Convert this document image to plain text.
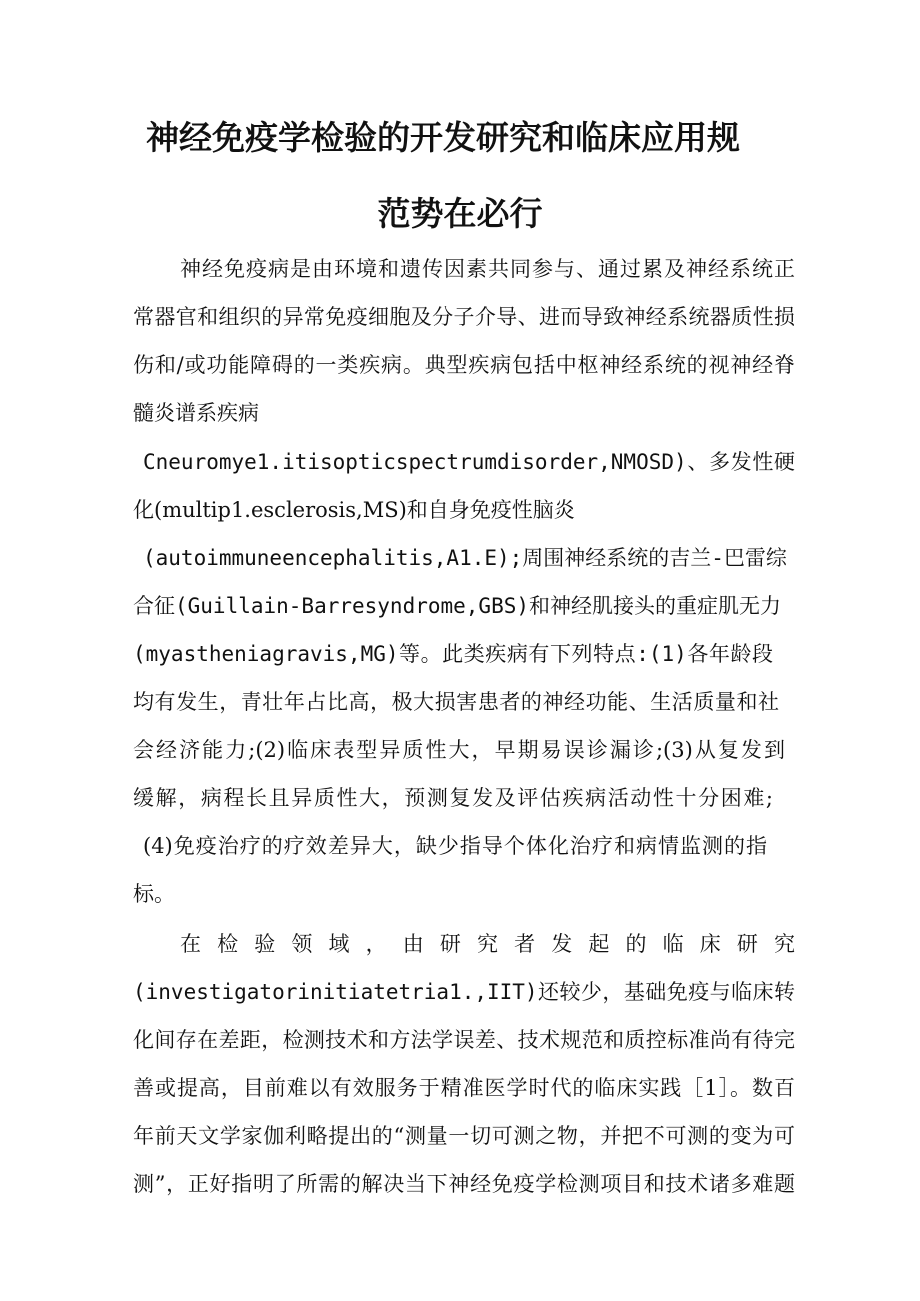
神经免疫学检验的开发研究和临床应用规
范势在必行

神经免疫病是由环境和遗传因素共同参与、通过累及神经系统正

常器官和组织的异常免疫细胞及分子介导、进而导致神经系统器质性损

伤和/或功能障碍的一类疾病。典型疾病包括中枢神经系统的视神经脊

髓炎谱系疾病

Cneuromye1.itisopticspectrumdisorder,NMOSD)、多发性硬

化(multip1.esclerosis,MS)和自身免疫性脑炎

(autoimmuneencephalitis,A1.E);周围神经系统的吉兰-巴雷综

合征(Guillain-Barresyndrome,GBS)和神经肌接头的重症肌无力

(myastheniagravis,MG)等。此类疾病有下列特点:(1)各年龄段

均有发生，青壮年占比高，极大损害患者的神经功能、生活质量和社

会经济能力;(2)临床表型异质性大，早期易误诊漏诊;(3)从复发到

缓解，病程长且异质性大，预测复发及评估疾病活动性十分困难;

(4)免疫治疗的疗效差异大，缺少指导个体化治疗和病情监测的指

标。

在检验领域，由研究者发起的临床研究

(investigatorinitiatetria1.,IIT)还较少，基础免疫与临床转

化间存在差距，检测技术和方法学误差、技术规范和质控标准尚有待完

善或提高，目前难以有效服务于精准医学时代的临床实践［1］。数百

年前天文学家伽利略提出的“测量一切可测之物，并把不可测的变为可

测”，正好指明了所需的解决当下神经免疫学检测项目和技术诸多难题
